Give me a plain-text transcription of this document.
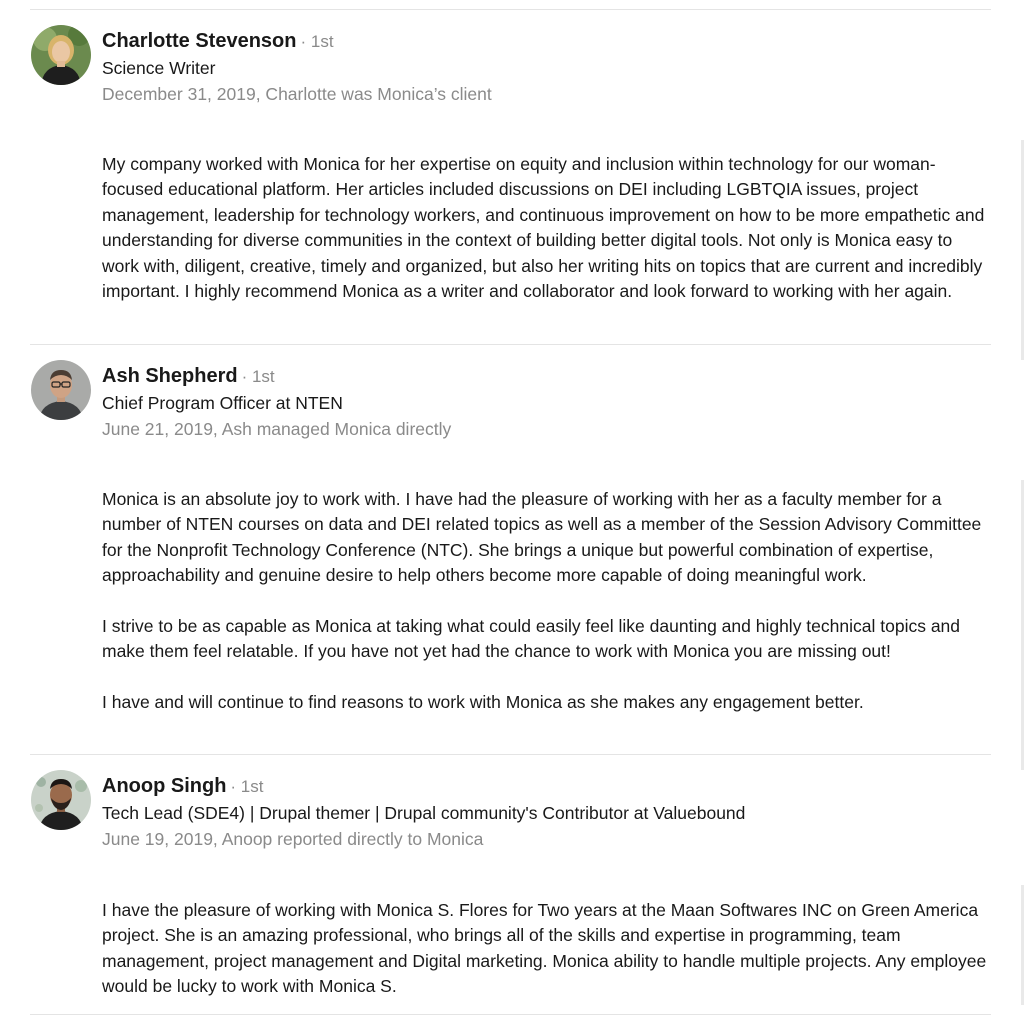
Charlotte Stevenson · 1st
Science Writer
December 31, 2019, Charlotte was Monica’s client

My company worked with Monica for her expertise on equity and inclusion within technology for our woman-focused educational platform. Her articles included discussions on DEI including LGBTQIA issues, project management, leadership for technology workers, and continuous improvement on how to be more empathetic and understanding for diverse communities in the context of building better digital tools. Not only is Monica easy to work with, diligent, creative, timely and organized, but also her writing hits on topics that are current and incredibly important. I highly recommend Monica as a writer and collaborator and look forward to working with her again.

Ash Shepherd · 1st
Chief Program Officer at NTEN
June 21, 2019, Ash managed Monica directly

Monica is an absolute joy to work with. I have had the pleasure of working with her as a faculty member for a number of NTEN courses on data and DEI related topics as well as a member of the Session Advisory Committee for the Nonprofit Technology Conference (NTC). She brings a unique but powerful combination of expertise, approachability and genuine desire to help others become more capable of doing meaningful work.

I strive to be as capable as Monica at taking what could easily feel like daunting and highly technical topics and make them feel relatable. If you have not yet had the chance to work with Monica you are missing out!

I have and will continue to find reasons to work with Monica as she makes any engagement better.

Anoop Singh · 1st
Tech Lead (SDE4) | Drupal themer | Drupal community's Contributor at Valuebound
June 19, 2019, Anoop reported directly to Monica

I have the pleasure of working with Monica S. Flores for Two years at the Maan Softwares INC on Green America project. She is an amazing professional, who brings all of the skills and expertise in programming, team management, project management and Digital marketing. Monica ability to handle multiple projects. Any employee would be lucky to work with Monica S.
